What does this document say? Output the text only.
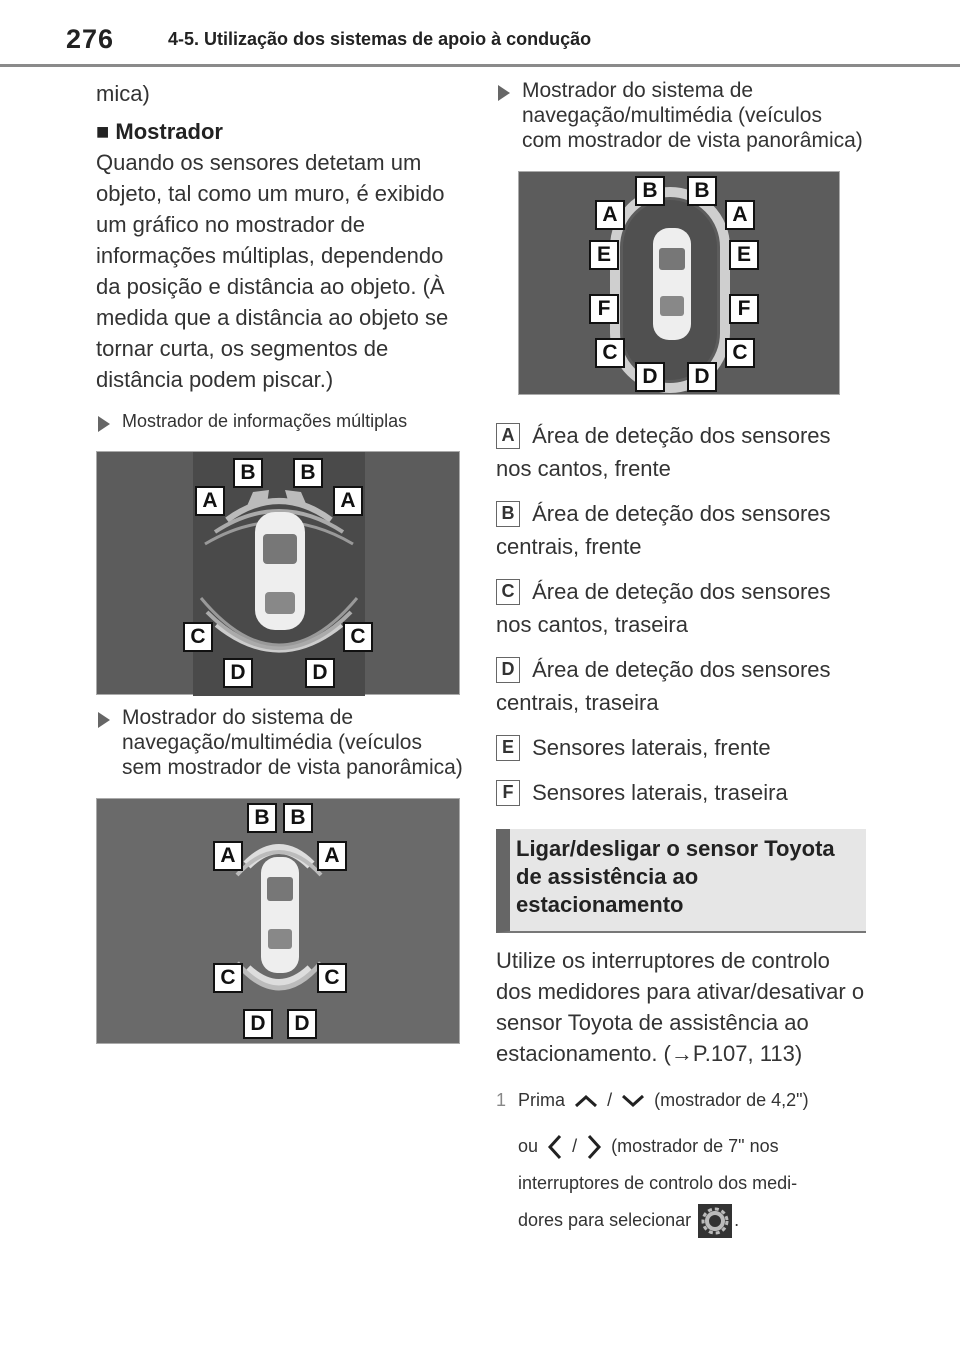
276	4-5. Utilização dos sistemas de apoio à condução
mica)
■ Mostrador
Quando os sensores detetam um objeto, tal como um muro, é exibido um gráfico no mostrador de informações múltiplas, dependendo da posição e distância ao objeto. (À medida que a distância ao objeto se tornar curta, os segmentos de distância podem piscar.)
Mostrador de informações múltiplas
B	B
A	A
C	C
D	D
Mostrador do sistema de navegação/multimédia (veículos sem mostrador de vista panorâmica)
B B
A	A
C	C
D	D
Mostrador do sistema de navegação/multimédia (veículos com mostrador de vista panorâmica)
B	B
A	A
E	E
F	F
C	C
D	D
A Área de deteção dos sensores nos cantos, frente
B Área de deteção dos sensores centrais, frente
C Área de deteção dos sensores nos cantos, traseira
D Área de deteção dos sensores centrais, traseira
E Sensores laterais, frente
F Sensores laterais, traseira
Ligar/desligar o sensor Toyota de assistência ao estacionamento
Utilize os interruptores de controlo dos medidores para ativar/desativar o sensor Toyota de assistência ao estacionamento. (→P.107, 113)
1 Prima / (mostrador de 4,2")
ou / (mostrador de 7" nos
interruptores de controlo dos medi-
dores para selecionar .
